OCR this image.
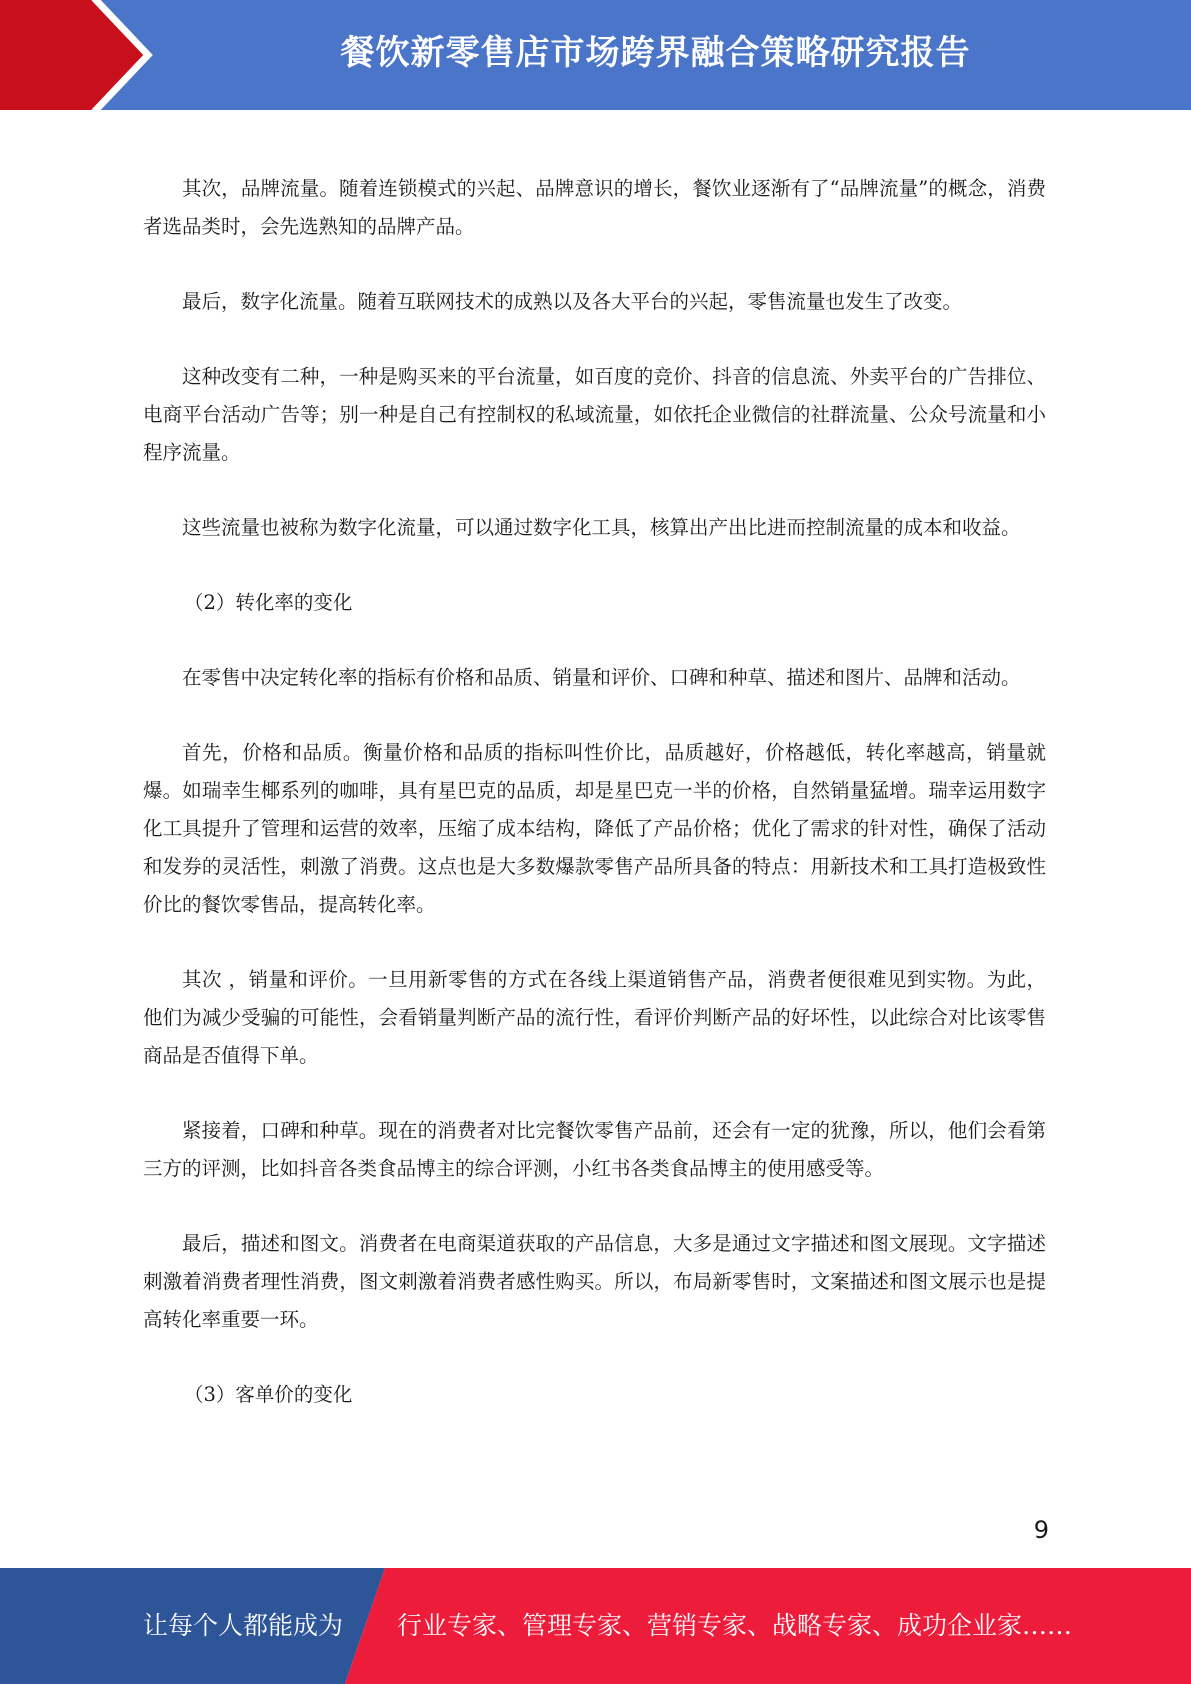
餐饮新零售店市场跨界融合策略研究报告

其次，品牌流量。随着连锁模式的兴起、品牌意识的增长，餐饮业逐渐有了“品牌流量”的概念，消费者选品类时，会先选熟知的品牌产品。

最后，数字化流量。随着互联网技术的成熟以及各大平台的兴起，零售流量也发生了改变。

这种改变有二种，一种是购买来的平台流量，如百度的竞价、抖音的信息流、外卖平台的广告排位、电商平台活动广告等；别一种是自己有控制权的私域流量，如依托企业微信的社群流量、公众号流量和小程序流量。

这些流量也被称为数字化流量，可以通过数字化工具，核算出产出比进而控制流量的成本和收益。

（2）转化率的变化

在零售中决定转化率的指标有价格和品质、销量和评价、口碑和种草、描述和图片、品牌和活动。

首先，价格和品质。衡量价格和品质的指标叫性价比，品质越好，价格越低，转化率越高，销量就爆。如瑞幸生椰系列的咖啡，具有星巴克的品质，却是星巴克一半的价格，自然销量猛增。瑞幸运用数字化工具提升了管理和运营的效率，压缩了成本结构，降低了产品价格；优化了需求的针对性，确保了活动和发券的灵活性，刺激了消费。这点也是大多数爆款零售产品所具备的特点：用新技术和工具打造极致性价比的餐饮零售品，提高转化率。

其次 ，销量和评价。一旦用新零售的方式在各线上渠道销售产品，消费者便很难见到实物。为此，他们为减少受骗的可能性，会看销量判断产品的流行性，看评价判断产品的好坏性，以此综合对比该零售商品是否值得下单。

紧接着，口碑和种草。现在的消费者对比完餐饮零售产品前，还会有一定的犹豫，所以，他们会看第三方的评测，比如抖音各类食品博主的综合评测，小红书各类食品博主的使用感受等。

最后，描述和图文。消费者在电商渠道获取的产品信息，大多是通过文字描述和图文展现。文字描述刺激着消费者理性消费，图文刺激着消费者感性购买。所以，布局新零售时，文案描述和图文展示也是提高转化率重要一环。

（3）客单价的变化

9
让每个人都能成为 行业专家、管理专家、营销专家、战略专家、成功企业家……
